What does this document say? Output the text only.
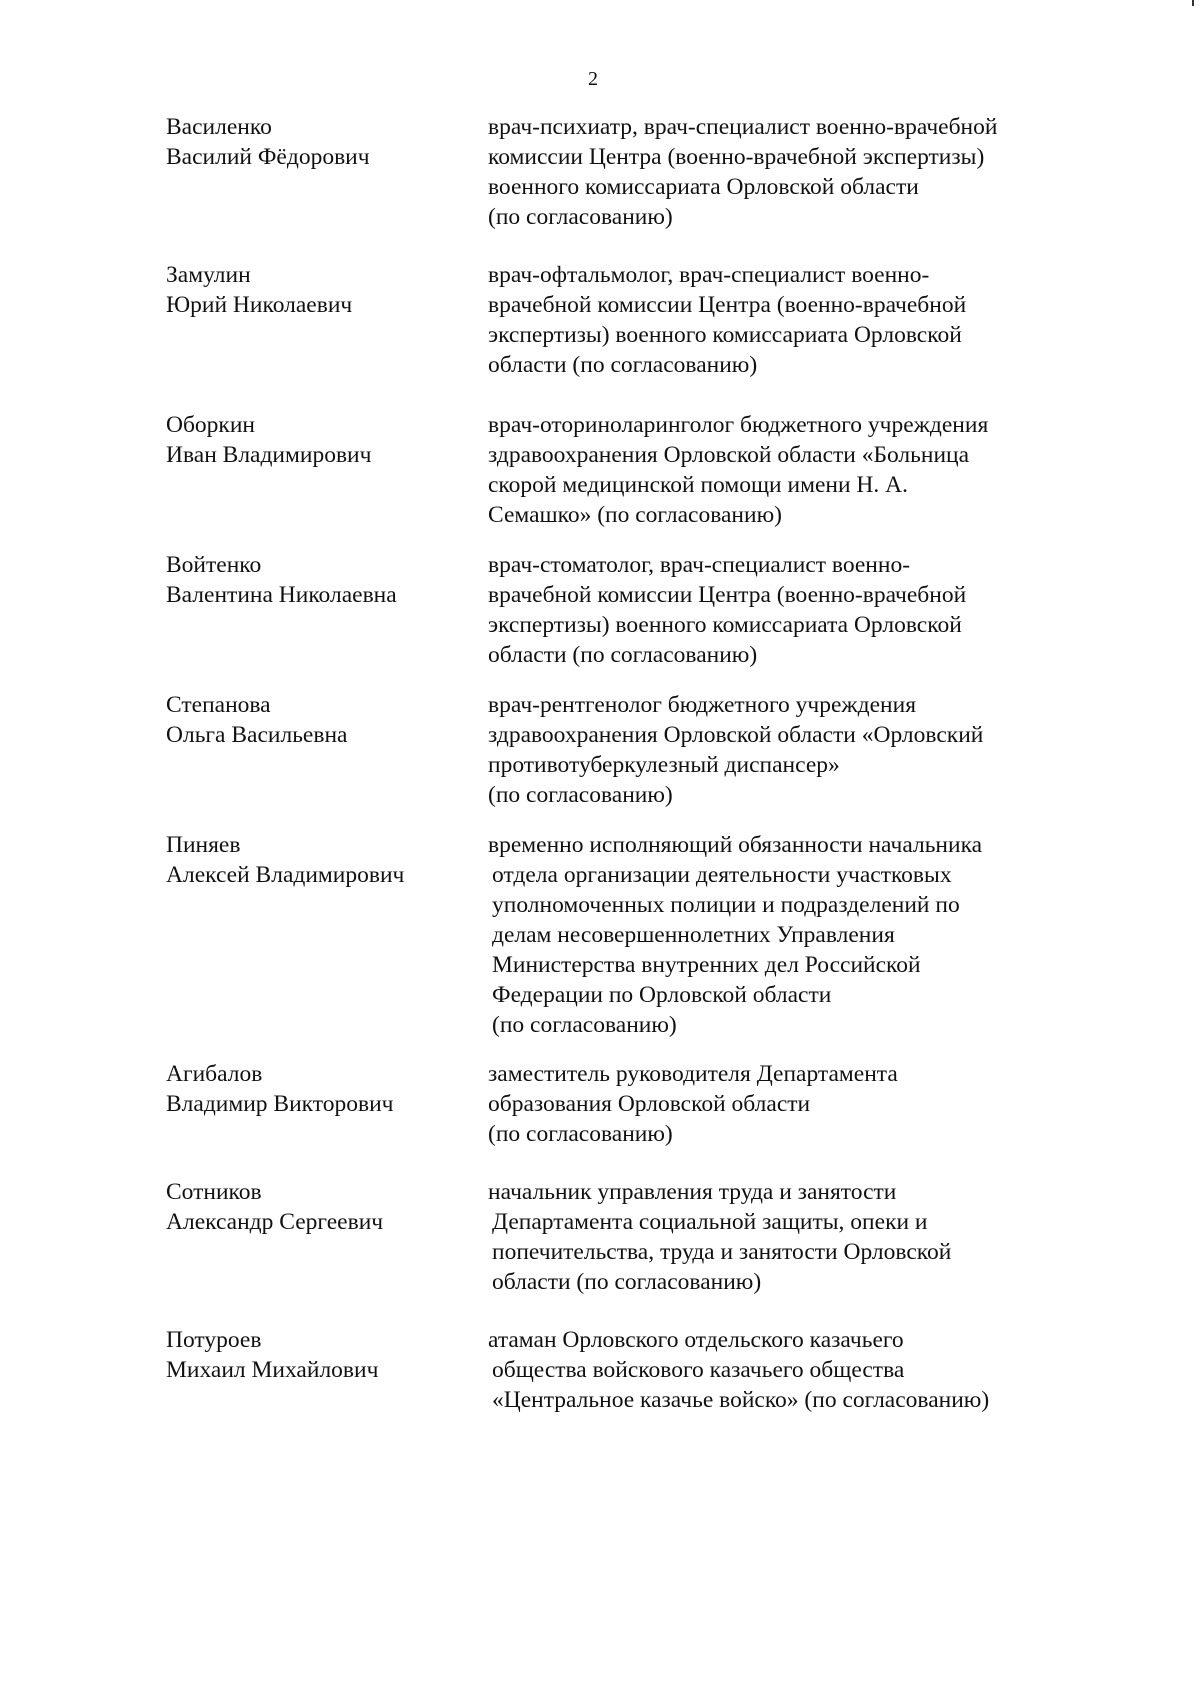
2
Василенко
Василий Фёдорович
врач-психиатр, врач-специалист военно-врачебной
комиссии Центра (военно-врачебной экспертизы)
военного комиссариата Орловской области
(по согласованию)
Замулин
Юрий Николаевич
врач-офтальмолог, врач-специалист военно-
врачебной комиссии Центра (военно-врачебной
экспертизы) военного комиссариата Орловской
области (по согласованию)
Оборкин
Иван Владимирович
врач-оториноларинголог бюджетного учреждения
здравоохранения Орловской области «Больница
скорой медицинской помощи имени Н. А.
Семашко» (по согласованию)
Войтенко
Валентина Николаевна
врач-стоматолог, врач-специалист военно-
врачебной комиссии Центра (военно-врачебной
экспертизы) военного комиссариата Орловской
области (по согласованию)
Степанова
Ольга Васильевна
врач-рентгенолог бюджетного учреждения
здравоохранения Орловской области «Орловский
противотуберкулезный диспансер»
(по согласованию)
Пиняев
Алексей Владимирович
временно исполняющий обязанности начальника
отдела организации деятельности участковых
уполномоченных полиции и подразделений по
делам несовершеннолетних Управления
Министерства внутренних дел Российской
Федерации по Орловской области
(по согласованию)
Агибалов
Владимир Викторович
заместитель руководителя Департамента
образования Орловской области
(по согласованию)
Сотников
Александр Сергеевич
начальник управления труда и занятости
Департамента социальной защиты, опеки и
попечительства, труда и занятости Орловской
области (по согласованию)
Потуроев
Михаил Михайлович
атаман Орловского отдельского казачьего
общества войскового казачьего общества
«Центральное казачье войско» (по согласованию)
